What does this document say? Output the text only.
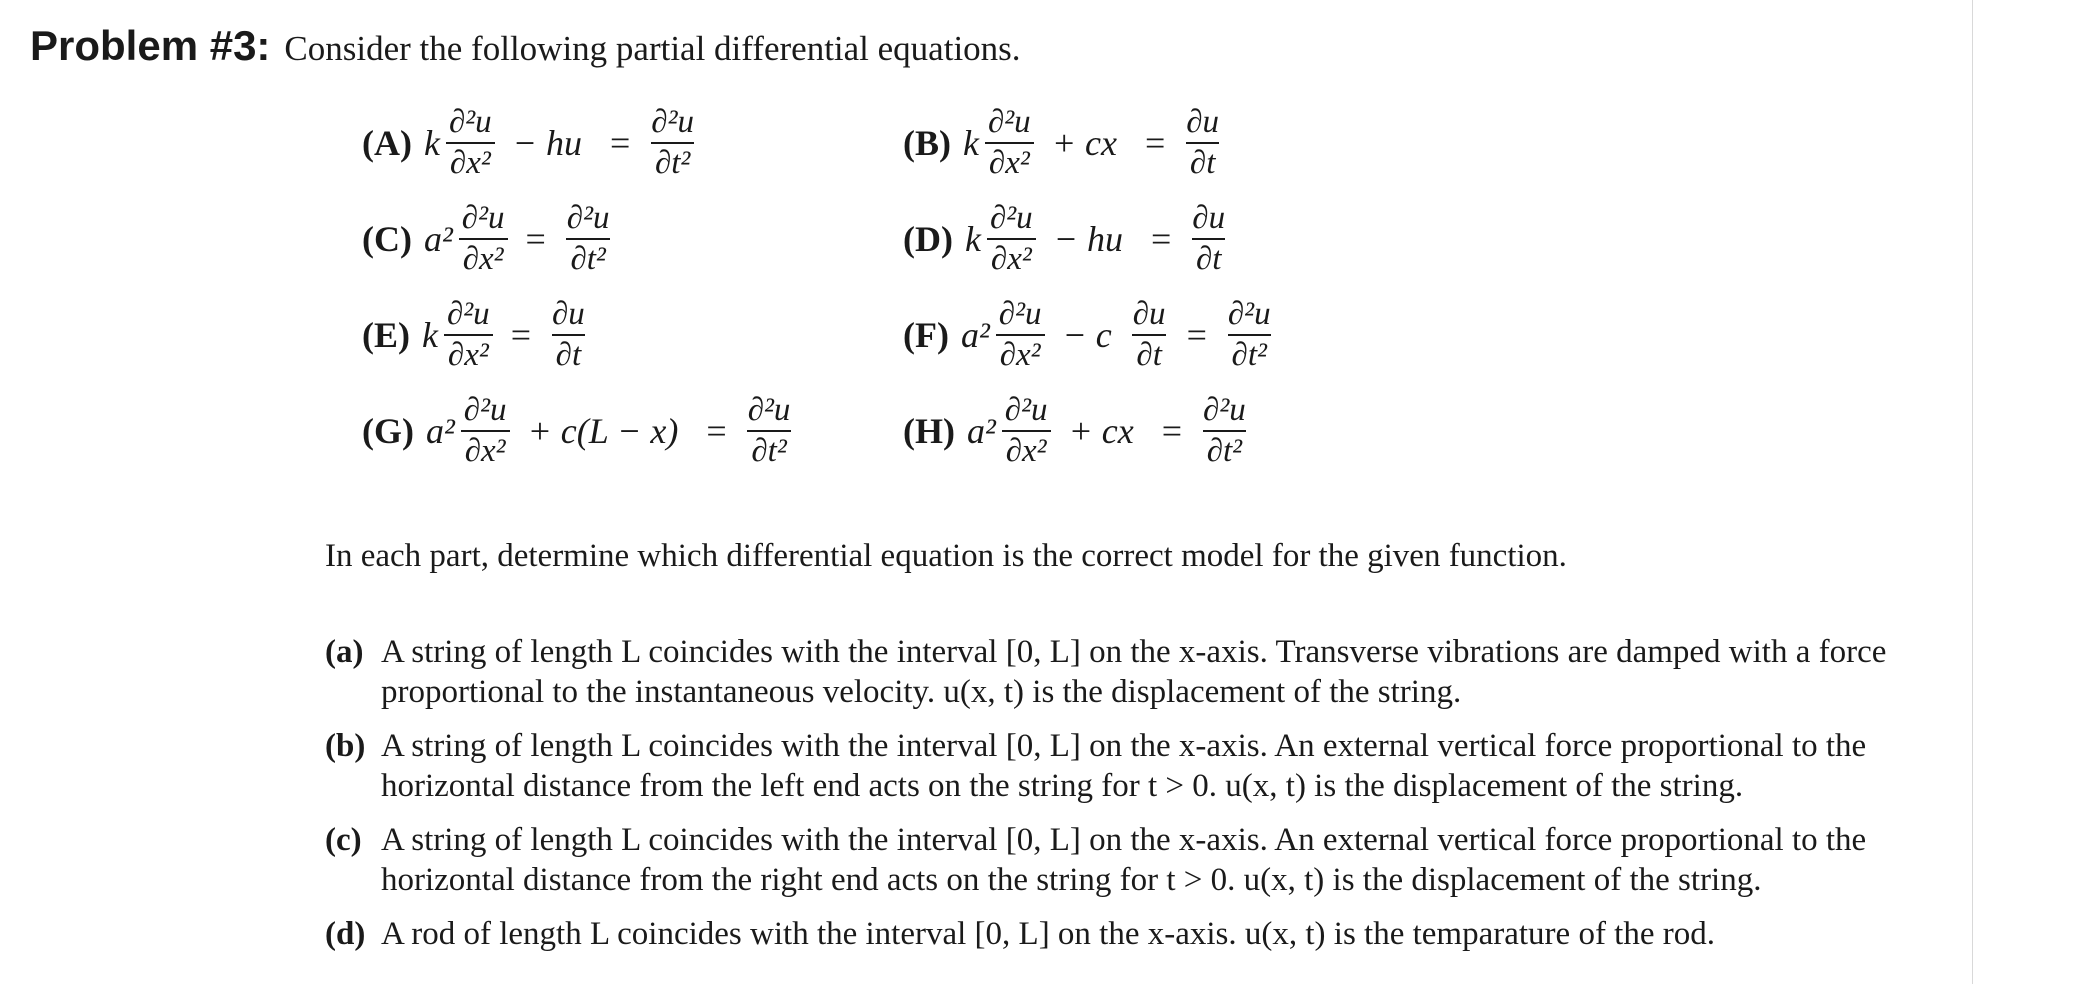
Problem #3: Consider the following partial differential equations.
(A) k $\frac{\text{∂²u}}{\text{∂x²}}$ − hu = $\frac{\text{∂²u}}{\text{∂t²}}$	(B) k $\frac{\text{∂²u}}{\text{∂x²}}$ + cx = $\frac{\partial u}{\partial t}$
(C) $a^2 \frac{\text{∂²u}}{\text{∂x²}} = \frac{\text{∂²u}}{\text{∂t²}}$	(D) k $\frac{\text{∂²u}}{\text{∂x²}}$ − hu = $\frac{\partial u}{\partial t}$
(E) k $\frac{\text{∂²u}}{\text{∂x²}} = \frac{\partial u}{\partial t}$	(F) $a^2 \frac{\text{∂²u}}{\text{∂x²}} - c \frac{\partial u}{\partial t} = \frac{\text{∂²u}}{\text{∂t²}}$
(G) $a^2 \frac{\text{∂²u}}{\text{∂x²}} + c(L - x) = \frac{\text{∂²u}}{\text{∂t²}}$	(H) $a^2 \frac{\text{∂²u}}{\text{∂x²}}$ + cx = $\frac{\text{∂²u}}{\text{∂t²}}$
In each part, determine which differential equation is the correct model for the given function.
(a) A string of length L coincides with the interval [0, L] on the x-axis. Transverse vibrations are damped with a force proportional to the instantaneous velocity. u(x, t) is the displacement of the string.
(b) A string of length L coincides with the interval [0, L] on the x-axis. An external vertical force proportional to the horizontal distance from the left end acts on the string for t > 0. u(x, t) is the displacement of the string.
(c) A string of length L coincides with the interval [0, L] on the x-axis. An external vertical force proportional to the horizontal distance from the right end acts on the string for t > 0. u(x, t) is the displacement of the string.
(d) A rod of length L coincides with the interval [0, L] on the x-axis. u(x, t) is the temparature of the rod.
